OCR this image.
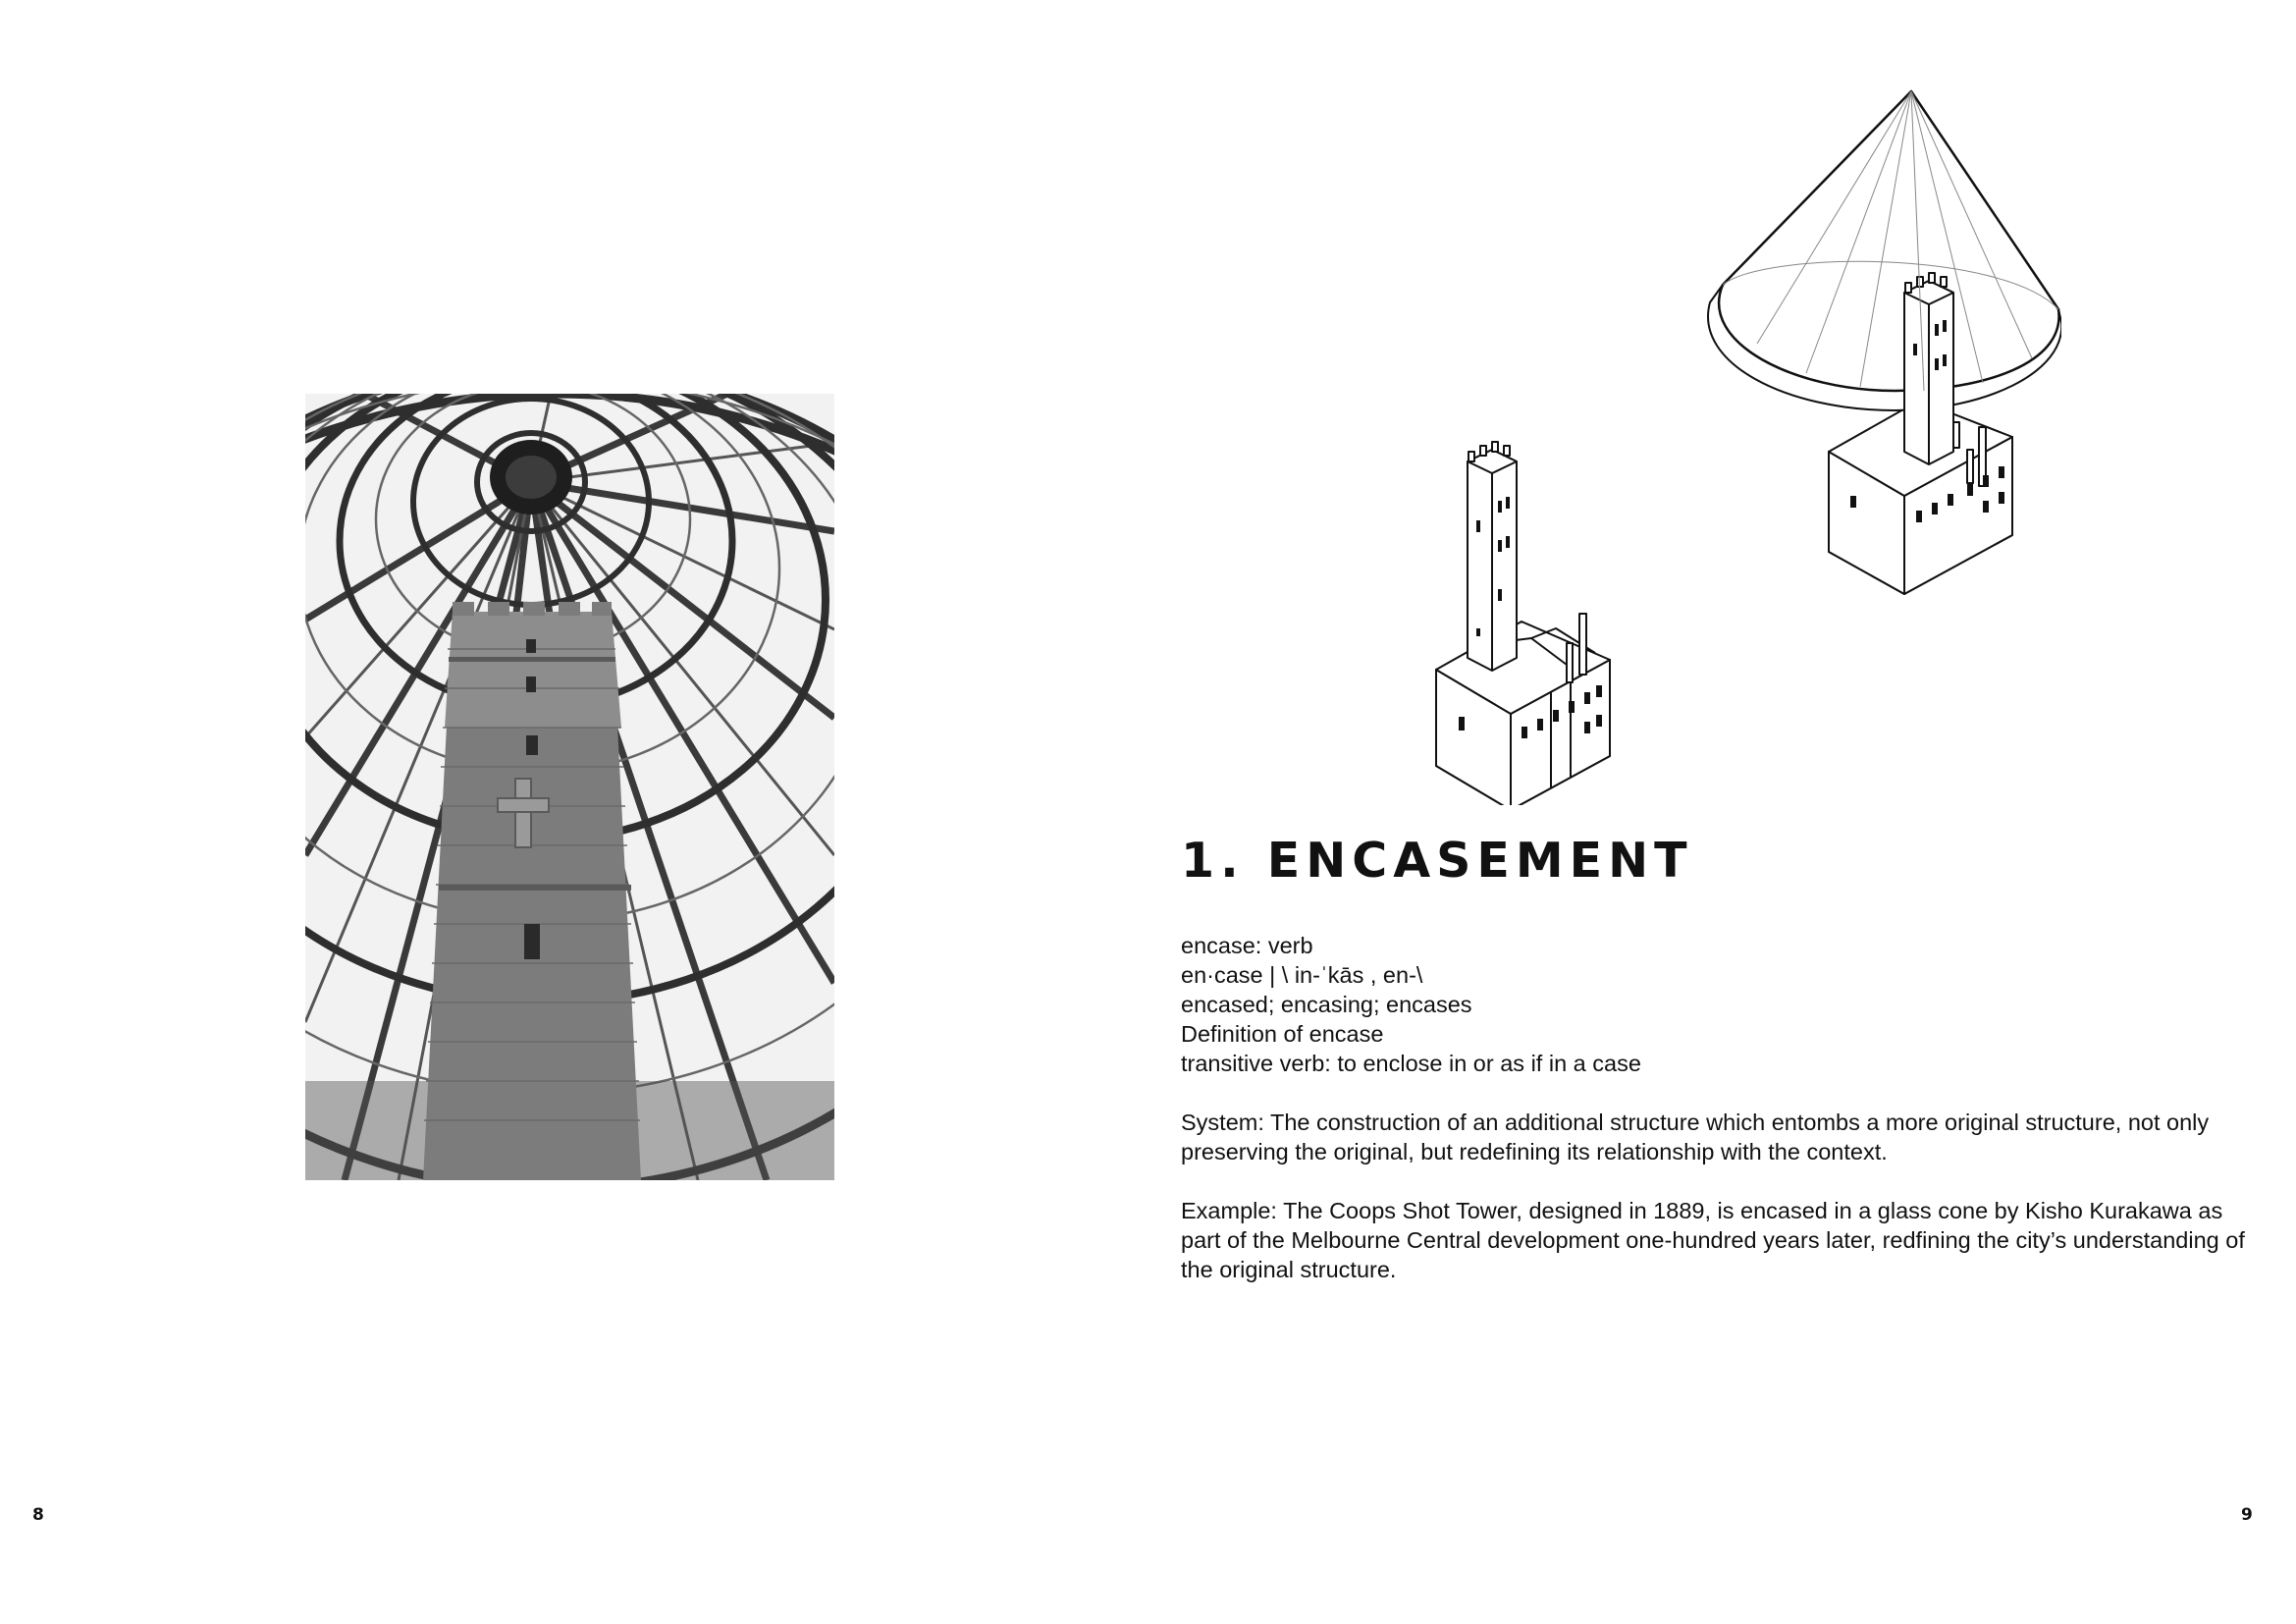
1. ENCASEMENT
encase: verb
en·case | \ in-ˈkās , en-\
encased; encasing; encases
Definition of encase
transitive verb: to enclose in or as if in a case

System: The construction of an additional structure which entombs a more original structure, not only preserving the original, but redefining its relationship with the context.

Example: The Coops Shot Tower, designed in 1889, is encased in a glass cone by Kisho Kurakawa as part of the Melbourne Central development one-hundred years later, redfining the city’s understanding of the original structure.

8	9
